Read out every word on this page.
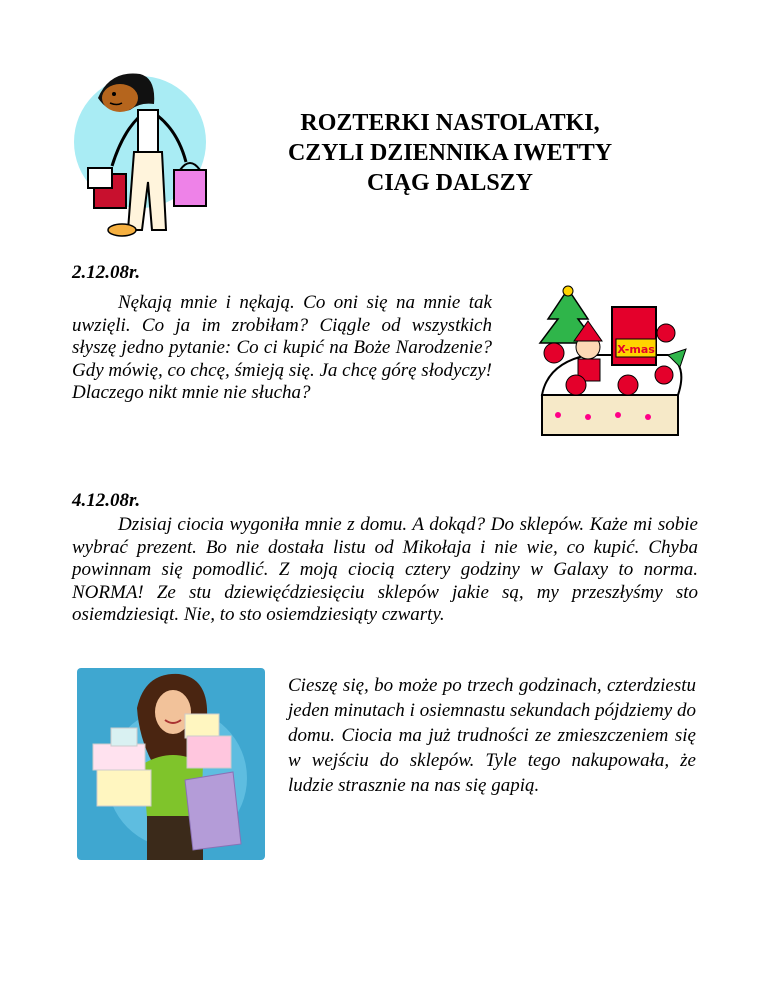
ROZTERKI NASTOLATKI,
CZYLI DZIENNIKA IWETTY
CIĄG DALSZY

2.12.08r.

Nękają mnie i nękają. Co oni się na mnie tak uwzięli. Co ja im zrobiłam? Ciągle od wszystkich słyszę jedno pytanie: Co ci kupić na Boże Narodzenie? Gdy mówię, co chcę, śmieją się. Ja chcę górę słodyczy! Dlaczego nikt mnie nie słucha?

X-mas

4.12.08r.

Dzisiaj ciocia wygoniła mnie z domu. A dokąd? Do sklepów. Każe mi sobie wybrać prezent. Bo nie dostała listu od Mikołaja i nie wie, co kupić. Chyba powinnam się pomodlić. Z moją ciocią cztery godziny w Galaxy to norma. NORMA! Ze stu dziewięćdziesięciu sklepów jakie są, my przeszłyśmy sto osiemdziesiąt. Nie, to sto osiemdziesiąty czwarty.

Cieszę się, bo może po trzech godzinach, czterdziestu jeden minutach i osiemnastu sekundach pójdziemy do domu. Ciocia ma już trudności ze zmieszczeniem się w wejściu do sklepów. Tyle tego nakupowała, że ludzie strasznie na nas się gapią.
